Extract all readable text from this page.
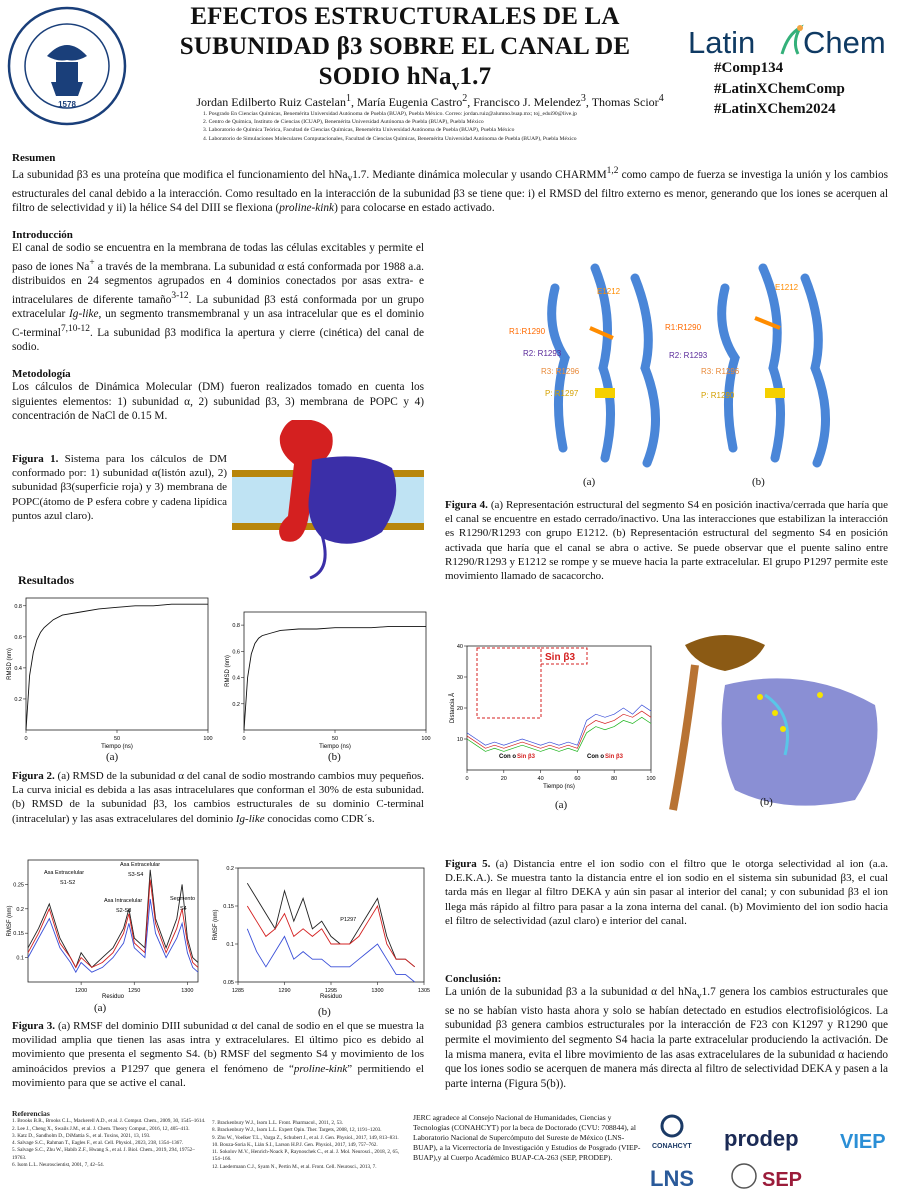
1578
EFECTOS ESTRUCTURALES DE LA
SUBUNIDAD β3 SOBRE EL CANAL DE
SODIO hNa$_v$1.7
Jordan Edilberto Ruiz Castelan$^1$, María Eugenia Castro$^2$, Francisco J. Melendez$^3$, Thomas Scior$^4$
1. Posgrado En Ciencias Químicas, Benemérita Universidad Autónoma de Puebla (BUAP), Puebla México. Correo: jordan.ruiz@alumno.buap.mx; toj_edui90@live.jp
2. Centro de Química, Instituto de Ciencias (ICUAP), Benemérita Universidad Autónoma de Puebla (BUAP), Puebla México
3. Laboratorio de Química Teórica, Facultad de Ciencias Químicas, Benemérita Universidad Autónoma de Puebla (BUAP), Puebla México
4. Laboratorio de Simulaciones Moleculares Computacionales, Facultad de Ciencias Químicas, Benemérita Universidad Autónoma de Puebla (BUAP), Puebla México
Latin Chem
#Comp134
#LatinXChemComp
#LatinXChem2024
Resumen
La subunidad β3 es una proteína que modifica el funcionamiento del hNa$_v$1.7. Mediante dinámica molecular y usando CHARMM$^{1,2}$ como campo de fuerza se investiga la unión y los cambios estructurales del canal debido a la interacción. Como resultado en la interacción de la subunidad β3 se tiene que: i) el RMSD del filtro externo es menor, generando que los iones se acerquen al filtro de selectividad y ii) la hélice S4 del DIII se flexiona (proline-kink) para colocarse en estado activado.
Introducción
El canal de sodio se encuentra en la membrana de todas las células excitables y permite el paso de iones Na+ a través de la membrana. La subunidad α está conformada por 1988 a.a. distribuidos en 24 segmentos agrupados en 4 dominios conectados por asas extra- e intracelulares de diferente tamaño$^{3-12}$. La subunidad β3 está conformada por un grupo extracelular Ig-like, un segmento transmembranal y un asa intracelular que es el dominio C-terminal$^{7,10-12}$. La subunidad β3 modifica la apertura y cierre (cinética) del canal de sodio.
Metodología
Los cálculos de Dinámica Molecular (DM) fueron realizados tomado en cuenta los siguientes elementos: 1) subunidad α, 2) subunidad β3, 3) membrana de POPC y 4) concentración de NaCl de 0.15 M.
Figura 1. Sistema para los cálculos de DM conformado por: 1) subunidad α(listón azul), 2) subunidad β3(superficie roja) y 3) membrana de POPC(átomo de P esfera cobre y cadena lipídica puntos azul claro).
Resultados
0	50	100
0.2
0.4
0.6
0.8
Tiempo (ns)
RMSD (nm)
0	50	100
0.2
0.4
0.6
0.8
Tiempo (ns)
RMSD (nm)
(a)	(b)
Figura 2. (a) RMSD de la subunidad α del canal de sodio mostrando cambios muy pequeños. La curva inicial es debida a las asas intracelulares que conforman el 30% de esta subunidad. (b) RMSD de la subunidad β3, los cambios estructurales de su dominio C-terminal (intracelular) y las asas extracelulares del dominio Ig-like conocidas como CDR´s.
1200	1250	1300
0.1
0.15
0.2
0.25
Residuo
RMSF (nm)
Asa Extracelular
S1-S2
Asa Extracelular
S3-S4
Asa Intracelular
S2-S3
Segmento
S4
1285	1290	1295	1300	1305
0.05
0.1
0.15
0.2
Residuo
RMSF (nm)	P1297
(a)	(b)
Figura 3. (a) RMSF del dominio DIII subunidad α del canal de sodio en el que se muestra la movilidad amplia que tienen las asas intra y extracelulares. El último pico es debido al movimiento que presenta el segmento S4. (b) RMSF del segmento S4 y movimiento de los aminoácidos previos a P1297 que genera el fenómeno de “proline-kink” permitiendo el movimiento para que se active el canal.
Referencias
1. Brooks B.R., Brooks C.L., Mackerell A.D., et al. J. Comput. Chem., 2009, 30, 1545–1614.
2. Lee J., Cheng X., Swails J.M., et al. J. Chem. Theory Comput., 2016, 12, 405–413.
3. Katz D., Sandholm D., DiMattia S., et al. Toxins, 2021, 13, 193.
4. Salvage S.C., Rahman T., Eagles F., et al. Cell. Physiol., 2023, 238, 1354–1367.
5. Salvage S.C., Zhu W., Habib Z.F., Hwang S., et al. J. Biol. Chem., 2019, 294, 19752–19763.
6. Isom L.L. Neuroscientist, 2001, 7, 42–54.
7. Brackenbury W.J., Isom L.L. Front. Pharmacol., 2011, 2, 53.
8. Brackenbury W.J., Isom L.L. Expert Opin. Ther. Targets, 2008, 12, 1191–1203.
9. Zhu W., Voelker T.L., Varga Z., Schubert J., et al. J. Gen. Physiol., 2017, 149, 813–831.
10. Bouza-Soria K., Lián S.I., Larson H.P.J. Gen. Physiol., 2017, 149, 757–762.
11. Sokolov M.V., Henrich-Noack P., Raynoschek C., et al. J. Mol. Neurosci., 2018, 2, 65, 154–166.
12. Laedermann C.J., Syam N., Pertin M., et al. Front. Cell. Neurosci., 2013, 7.
E1212
R1:R1290
R2: R1293
R3: R1296
P: R1297
E1212
R1:R1290
R2: R1293
R3: R1296
P: R1290
(a)	(b)
Figura 4. (a) Representación estructural del segmento S4 en posición inactiva/cerrada que haría que el canal se encuentre en estado cerrado/inactivo. Una las interacciones que estabilizan la interacción es R1290/R1293 con grupo E1212. (b) Representación estructural del segmento S4 en posición activada que haría que el canal se abra o active. Se puede observar que el puente salino entre R1290/R1293 y E1212 se rompe y se mueve hacia la parte extracelular. El grupo P1297 permite este movimiento llamado de sacacorcho.
0	20	40	60	80	100
10
20
30
40
Tiempo (ns)
Distancia Å
Sin β3
Con o Sin β3	Con o Sin β3
(a)	(b)
Figura 5. (a) Distancia entre el ion sodio con el filtro que le otorga selectividad al ion (a.a. D.E.K.A.). Se muestra tanto la distancia entre el ion sodio en el sistema sin subunidad β3, el cual tarda más en llegar al filtro DEKA y aún sin pasar al interior del canal; y con subunidad β3 el ion llega más rápido al filtro para pasar a la zona interna del canal. (b) Movimiento del ion sodio hacia el filtro de selectividad (azul claro) e interior del canal.
Conclusión:
La unión de la subunidad β3 a la subunidad α del hNa$_v$1.7 genera los cambios estructurales que se no se habían visto hasta ahora y solo se habían detectado en estudios electrofisiológicos. La subunidad β3 genera cambios estructurales por la interacción de F23 con K1297 y R1290 que permite el movimiento del segmento S4 hacia la parte extracelular produciendo la activación. De la misma manera, evita el libre movimiento de las asas extracelulares de la subunidad α haciendo que los iones sodio se acerquen de manera más directa al filtro de selectividad DEKA y pasen a la parte interna (Figura 5(b)).
JERC agradece al Consejo Nacional de Humanidades, Ciencias y Tecnologías (CONAHCYT) por la beca de Doctorado (CVU: 708844), al Laboratorio Nacional de Supercómputo del Sureste de México (LNS-BUAP), a la Vicerrectoría de Investigación y Estudios de Posgrado (VIEP-BUAP),y al Cuerpo Académico BUAP-CA-263 (SEP, PRODEP).
CONAHCYT prodep VIEP
LNS	SEP
